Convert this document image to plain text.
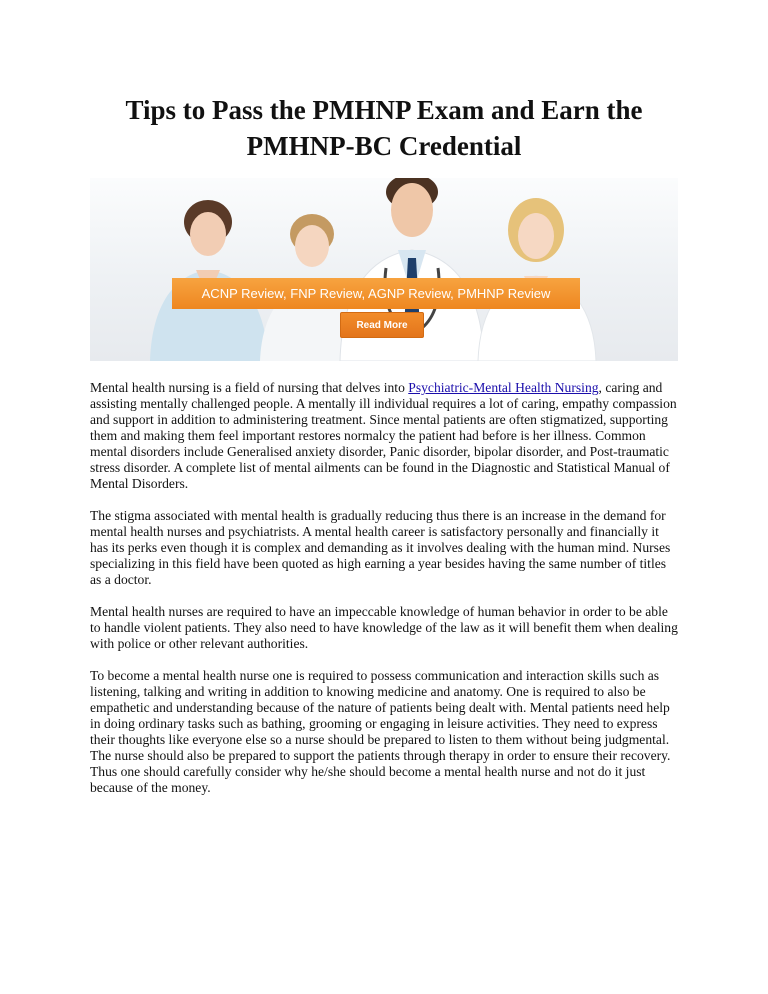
Tips to Pass the PMHNP Exam and Earn the PMHNP-BC Credential
ACNP Review, FNP Review, AGNP Review, PMHNP Review
Read More

Mental health nursing is a field of nursing that delves into Psychiatric-Mental Health Nursing, caring and assisting mentally challenged people. A mentally ill individual requires a lot of caring, empathy compassion and support in addition to administering treatment. Since mental patients are often stigmatized, supporting them and making them feel important restores normalcy the patient had before is her illness. Common mental disorders include Generalised anxiety disorder, Panic disorder, bipolar disorder, and Post-traumatic stress disorder. A complete list of mental ailments can be found in the Diagnostic and Statistical Manual of Mental Disorders.

The stigma associated with mental health is gradually reducing thus there is an increase in the demand for mental health nurses and psychiatrists. A mental health career is satisfactory personally and financially it has its perks even though it is complex and demanding as it involves dealing with the human mind. Nurses specializing in this field have been quoted as high earning a year besides having the same number of titles as a doctor.

Mental health nurses are required to have an impeccable knowledge of human behavior in order to be able to handle violent patients. They also need to have knowledge of the law as it will benefit them when dealing with police or other relevant authorities.

To become a mental health nurse one is required to possess communication and interaction skills such as listening, talking and writing in addition to knowing medicine and anatomy. One is required to also be empathetic and understanding because of the nature of patients being dealt with. Mental patients need help in doing ordinary tasks such as bathing, grooming or engaging in leisure activities. They need to express their thoughts like everyone else so a nurse should be prepared to listen to them without being judgmental. The nurse should also be prepared to support the patients through therapy in order to ensure their recovery. Thus one should carefully consider why he/she should become a mental health nurse and not do it just because of the money.
